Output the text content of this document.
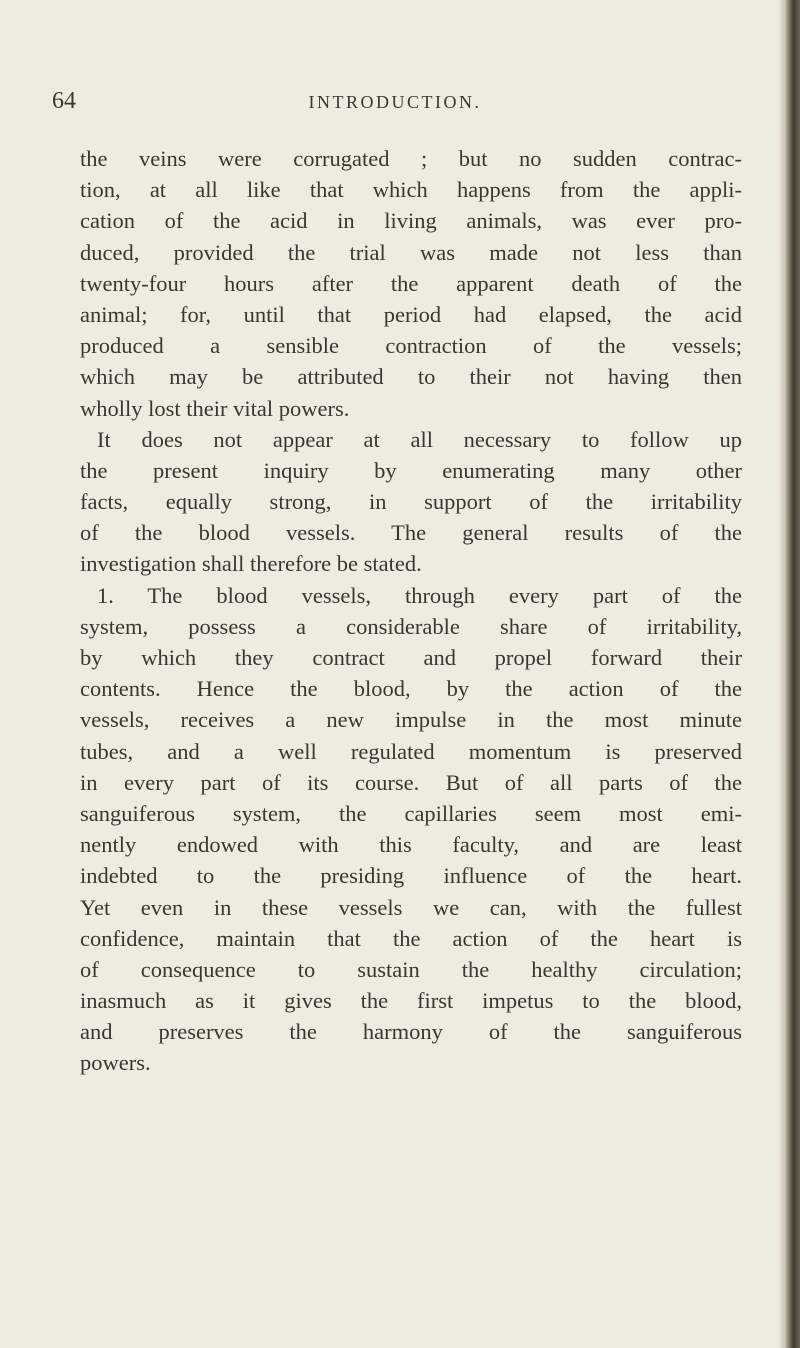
64	INTRODUCTION.
the veins were corrugated ; but no sudden contrac-
tion, at all like that which happens from the appli-
cation of the acid in living animals, was ever pro-
duced, provided the trial was made not less than
twenty-four hours after the apparent death of the
animal; for, until that period had elapsed, the acid
produced a sensible contraction of the vessels;
which may be attributed to their not having then
wholly lost their vital powers.
It does not appear at all necessary to follow up
the present inquiry by enumerating many other
facts, equally strong, in support of the irritability
of the blood vessels. The general results of the
investigation shall therefore be stated.
1. The blood vessels, through every part of the
system, possess a considerable share of irritability,
by which they contract and propel forward their
contents. Hence the blood, by the action of the
vessels, receives a new impulse in the most minute
tubes, and a well regulated momentum is preserved
in every part of its course. But of all parts of the
sanguiferous system, the capillaries seem most emi-
nently endowed with this faculty, and are least
indebted to the presiding influence of the heart.
Yet even in these vessels we can, with the fullest
confidence, maintain that the action of the heart is
of consequence to sustain the healthy circulation;
inasmuch as it gives the first impetus to the blood,
and preserves the harmony of the sanguiferous
powers.
